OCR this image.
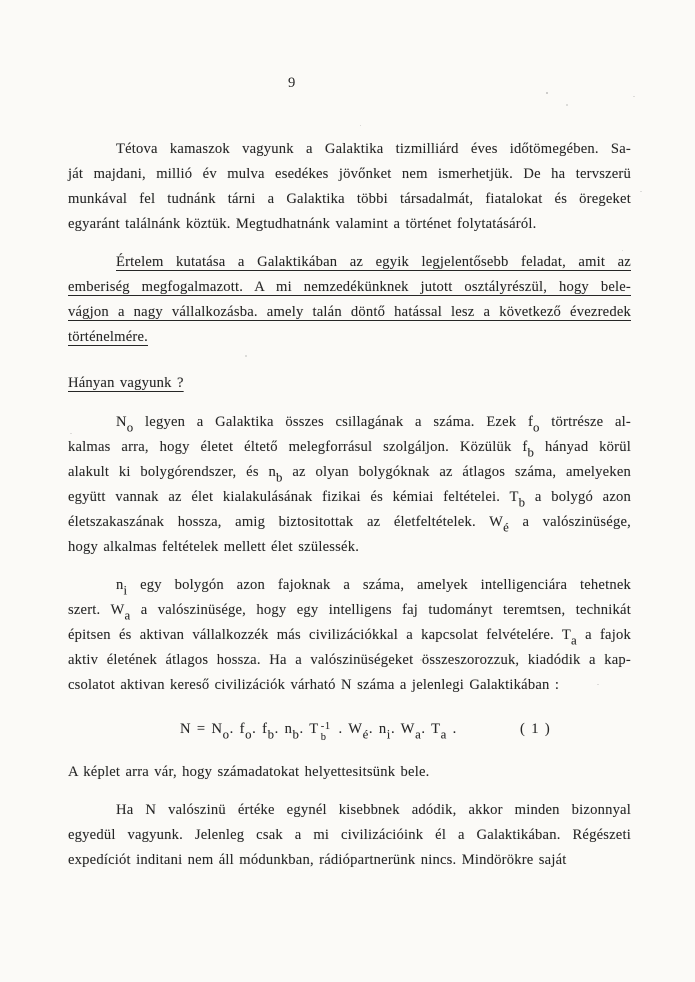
9
Tétova kamaszok vagyunk a Galaktika tizmilliárd éves időtömegében. Sa-
ját majdani, millió év mulva esedékes jövőnket nem ismerhetjük. De ha tervszerü
munkával fel tudnánk tárni a Galaktika többi társadalmát, fiatalokat és öregeket
egyaránt találnánk köztük. Megtudhatnánk valamint a történet folytatásáról.
Értelem kutatása a Galaktikában az egyik legjelentősebb feladat, amit az
emberiség megfogalmazott. A mi nemzedékünknek jutott osztályrészül, hogy bele-
vágjon a nagy vállalkozásba. amely talán döntő hatással lesz a következő évezredek
történelmére.
Hányan vagyunk ?
No legyen a Galaktika összes csillagának a száma. Ezek fo törtrésze al-
kalmas arra, hogy életet éltető melegforrásul szolgáljon. Közülük fb hányad körül
alakult ki bolygórendszer, és nb az olyan bolygóknak az átlagos száma, amelyeken
együtt vannak az élet kialakulásának fizikai és kémiai feltételei. Tb a bolygó azon
életszakaszának hossza, amig biztositottak az életfeltételek. Wé a valószinüsége,
hogy alkalmas feltételek mellett élet szülessék.
ni egy bolygón azon fajoknak a száma, amelyek intelligenciára tehetnek
szert. Wa a valószinüsége, hogy egy intelligens faj tudományt teremtsen, technikát
épitsen és aktivan vállalkozzék más civilizációkkal a kapcsolat felvételére. Ta a fajok
aktiv életének átlagos hossza. Ha a valószinüségeket összeszorozzuk, kiadódik a kap-
csolatot aktivan kereső civilizációk várható N száma a jelenlegi Galaktikában :
N = No. fo. fb. nb. T -1
b
. Wé. ni. Wa. Ta .	( 1 )
A képlet arra vár, hogy számadatokat helyettesitsünk bele.
Ha N valószinü értéke egynél kisebbnek adódik, akkor minden bizonnyal
egyedül vagyunk. Jelenleg csak a mi civilizációink él a Galaktikában. Régészeti
expedíciót inditani nem áll módunkban, rádiópartnerünk nincs. Mindörökre saját
